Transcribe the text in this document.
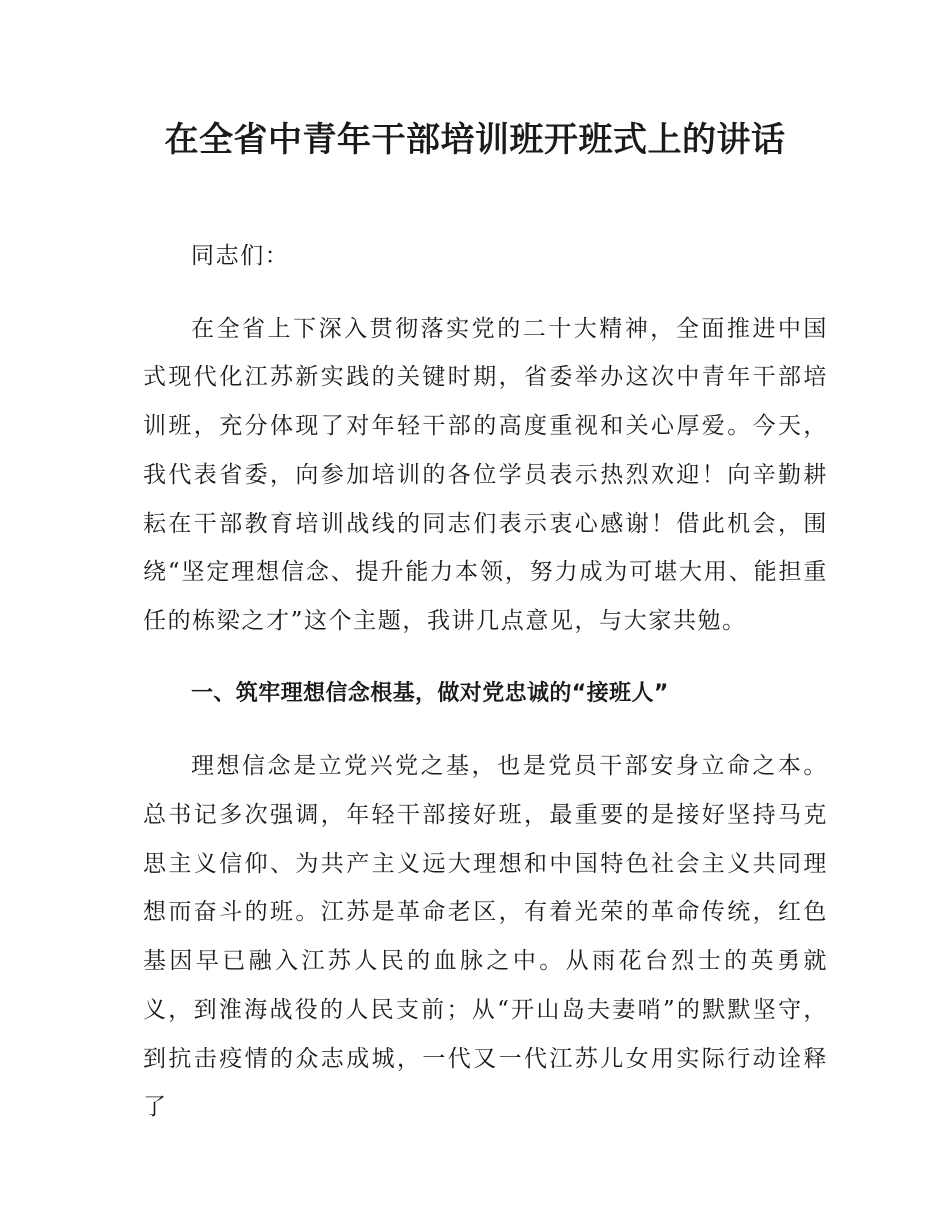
在全省中青年干部培训班开班式上的讲话

同志们：

在全省上下深入贯彻落实党的二十大精神，全面推进中国式现代化江苏新实践的关键时期，省委举办这次中青年干部培训班，充分体现了对年轻干部的高度重视和关心厚爱。今天，我代表省委，向参加培训的各位学员表示热烈欢迎！向辛勤耕耘在干部教育培训战线的同志们表示衷心感谢！借此机会，围绕“坚定理想信念、提升能力本领，努力成为可堪大用、能担重任的栋梁之才”这个主题，我讲几点意见，与大家共勉。

一、筑牢理想信念根基，做对党忠诚的“接班人”

理想信念是立党兴党之基，也是党员干部安身立命之本。总书记多次强调，年轻干部接好班，最重要的是接好坚持马克思主义信仰、为共产主义远大理想和中国特色社会主义共同理想而奋斗的班。江苏是革命老区，有着光荣的革命传统，红色基因早已融入江苏人民的血脉之中。从雨花台烈士的英勇就义，到淮海战役的人民支前；从“开山岛夫妻哨”的默默坚守，到抗击疫情的众志成城，一代又一代江苏儿女用实际行动诠释了
